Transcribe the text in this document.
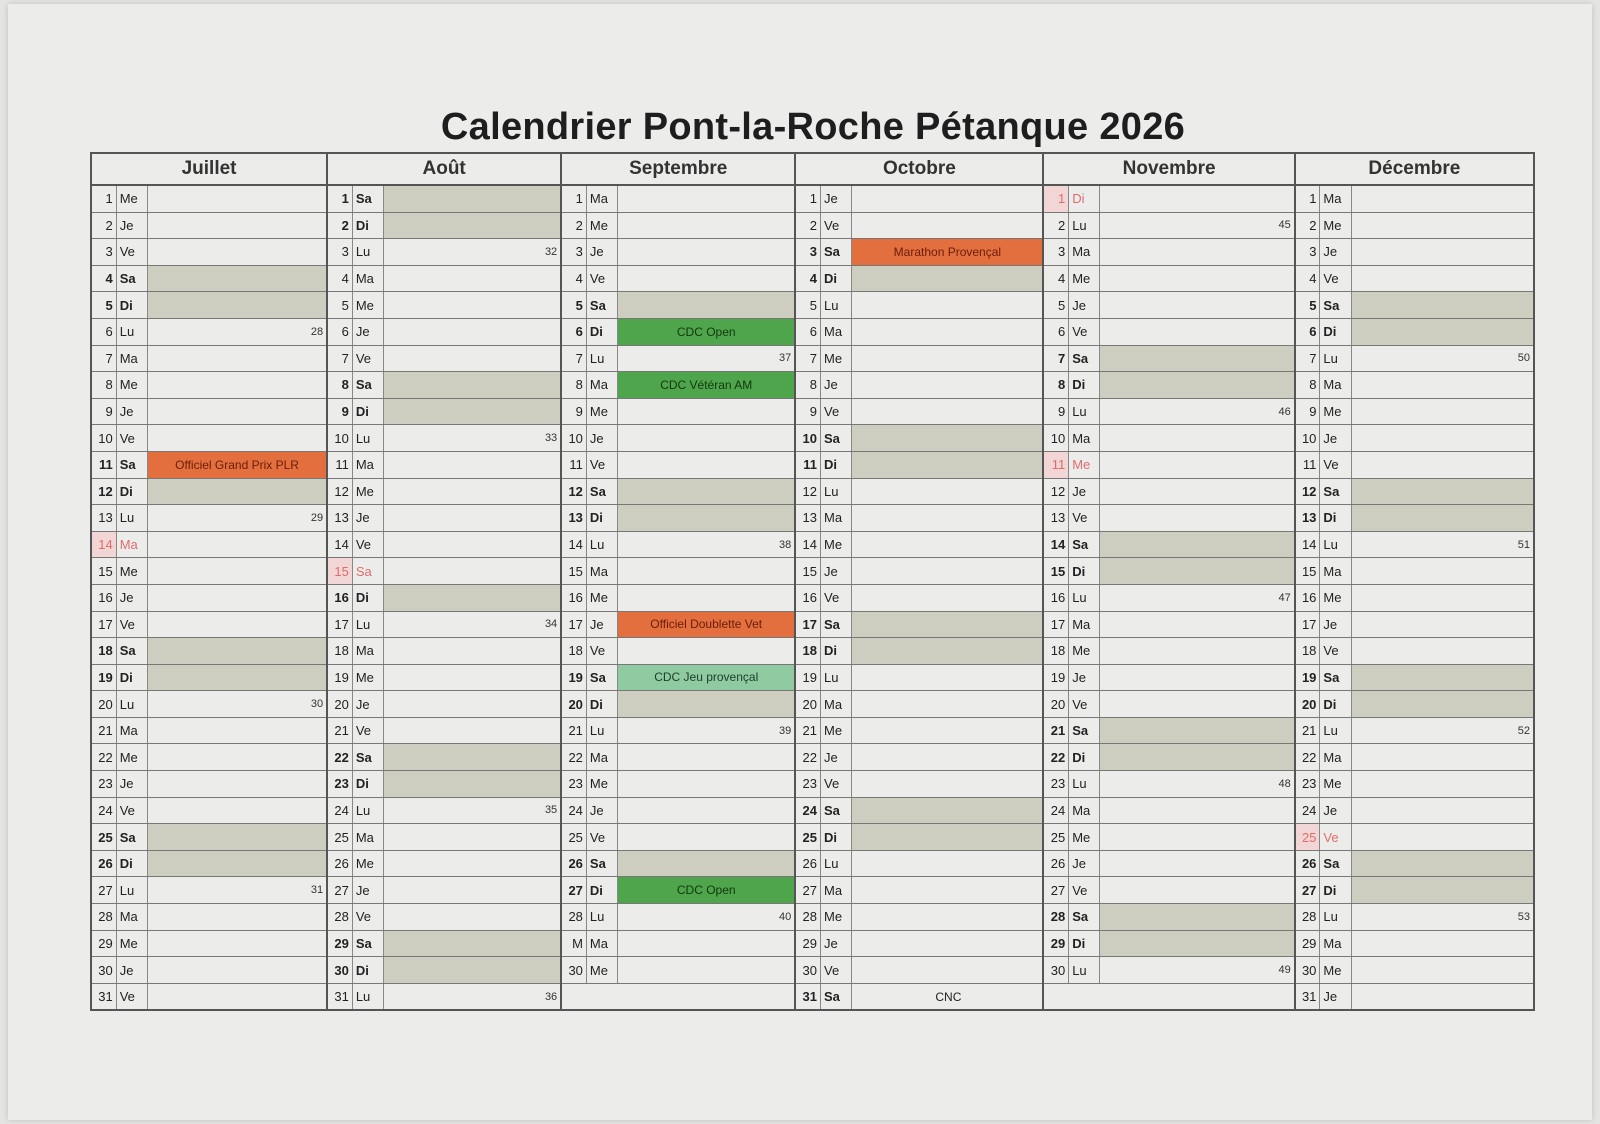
Calendrier Pont-la-Roche Pétanque 2026
Juillet			Août			Septembre			Octobre			Novembre			Décembre		
1	Me		1	Sa		1	Ma		1	Je		1	Di		1	Ma	
2	Je		2	Di		2	Me		2	Ve		2	Lu	45	2	Me	
3	Ve		3	Lu	32	3	Je		3	Sa	Marathon Provençal	3	Ma		3	Je	
4	Sa		4	Ma		4	Ve		4	Di		4	Me		4	Ve	
5	Di		5	Me		5	Sa		5	Lu		5	Je		5	Sa	
6	Lu	28	6	Je		6	Di	CDC Open	6	Ma		6	Ve		6	Di	
7	Ma		7	Ve		7	Lu	37	7	Me		7	Sa		7	Lu	50

8	Me		8	Sa		8	Ma	CDC Vétéran AM	8	Je		8	Di		8	Ma	
9	Je		9	Di		9	Me		9	Ve		9	Lu	46	9	Me	
10	Ve		10	Lu	33	10	Je		10	Sa		10	Ma		10	Je	
11	Sa	Officiel Grand Prix PLR	11	Ma		11	Ve		11	Di		11	Me		11	Ve	
12	Di		12	Me		12	Sa		12	Lu		12	Je		12	Sa	
13	Lu	29	13	Je		13	Di		13	Ma		13	Ve		13	Di	
14	Ma		14	Ve		14	Lu	38	14	Me		14	Sa		14	Lu	51

15	Me		15	Sa		15	Ma		15	Je		15	Di		15	Ma	
16	Je		16	Di		16	Me		16	Ve		16	Lu	47	16	Me	
17	Ve		17	Lu	34	17	Je	Officiel Doublette Vet	17	Sa		17	Ma		17	Je	
18	Sa		18	Ma		18	Ve		18	Di		18	Me		18	Ve	
19	Di		19	Me		19	Sa	CDC Jeu provençal	19	Lu		19	Je		19	Sa	
20	Lu	30	20	Je		20	Di		20	Ma		20	Ve		20	Di	
21	Ma		21	Ve		21	Lu	39	21	Me		21	Sa		21	Lu	52

22	Me		22	Sa		22	Ma		22	Je		22	Di		22	Ma	
23	Je		23	Di		23	Me		23	Ve		23	Lu	48	23	Me	
24	Ve		24	Lu	35	24	Je		24	Sa		24	Ma		24	Je	
25	Sa		25	Ma		25	Ve		25	Di		25	Me		25	Ve	
26	Di		26	Me		26	Sa		26	Lu		26	Je		26	Sa	
27	Lu	31	27	Je		27	Di	CDC Open	27	Ma		27	Ve		27	Di	
28	Ma		28	Ve		28	Lu	40	28	Me		28	Sa		28	Lu	53

29	Me		29	Sa		M	Ma		29	Je		29	Di		29	Ma	
30	Je		30	Di		30	Me		30	Ve		30	Lu	49	30	Me	
31	Ve		31	Lu	36				31	Sa	CNC				31	Je	
